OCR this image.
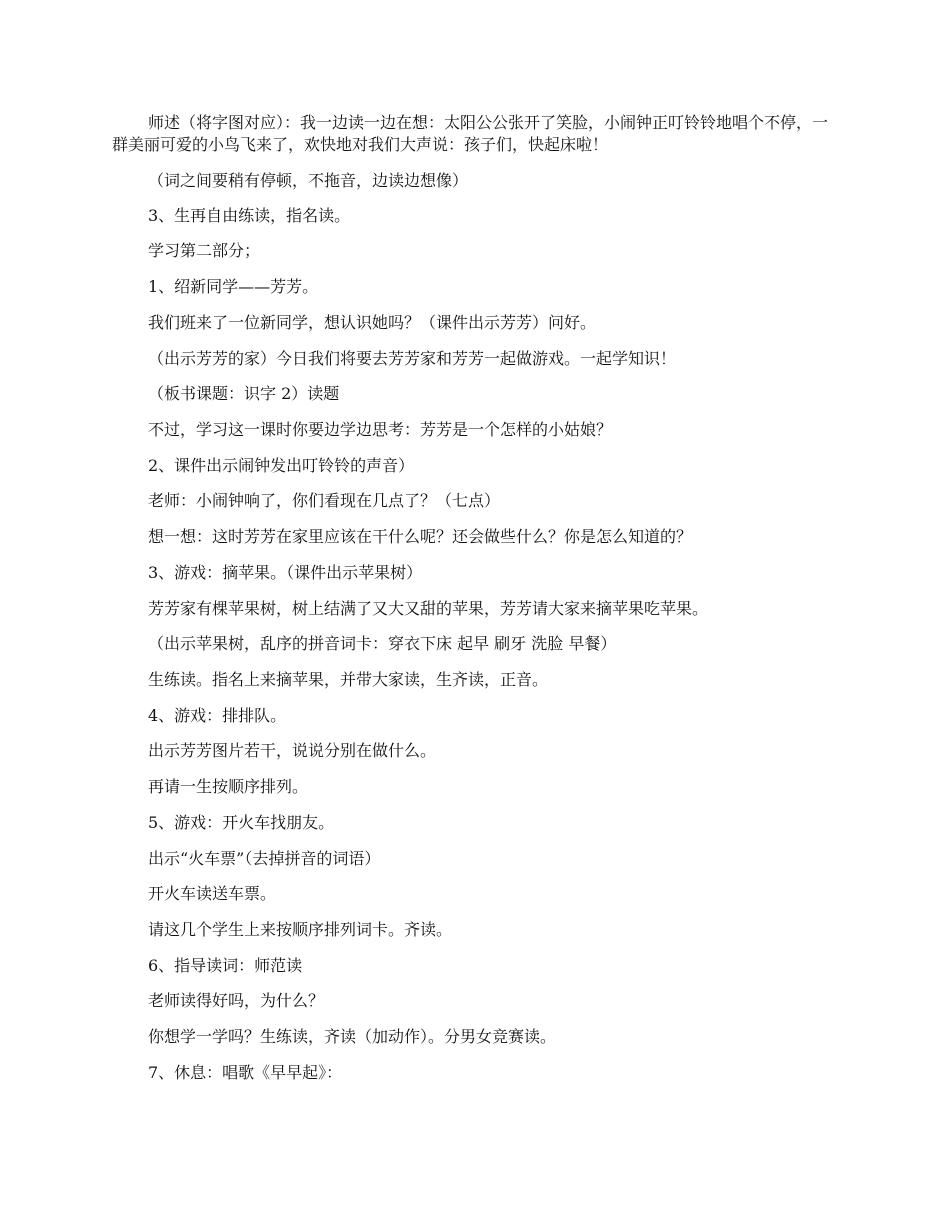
师述（将字图对应）：我一边读一边在想：太阳公公张开了笑脸，小闹钟正叮铃铃地唱个不停，一群美丽可爱的小鸟飞来了，欢快地对我们大声说：孩子们，快起床啦！

（词之间要稍有停顿，不拖音，边读边想像）

3、生再自由练读，指名读。

学习第二部分；

1、绍新同学——芳芳。

我们班来了一位新同学，想认识她吗？（课件出示芳芳）问好。

（出示芳芳的家）今日我们将要去芳芳家和芳芳一起做游戏。一起学知识！

（板书课题：识字 2）读题

不过，学习这一课时你要边学边思考：芳芳是一个怎样的小姑娘？

2、课件出示闹钟发出叮铃铃的声音）

老师：小闹钟响了，你们看现在几点了？（七点）

想一想：这时芳芳在家里应该在干什么呢？还会做些什么？你是怎么知道的？

3、游戏：摘苹果。（课件出示苹果树）

芳芳家有棵苹果树，树上结满了又大又甜的苹果，芳芳请大家来摘苹果吃苹果。

（出示苹果树，乱序的拼音词卡：穿衣下床 起早 刷牙 洗脸 早餐）

生练读。指名上来摘苹果，并带大家读，生齐读，正音。

4、游戏：排排队。

出示芳芳图片若干，说说分别在做什么。

再请一生按顺序排列。

5、游戏：开火车找朋友。

出示“火车票”（去掉拼音的词语）

开火车读送车票。

请这几个学生上来按顺序排列词卡。齐读。

6、指导读词：师范读

老师读得好吗，为什么？

你想学一学吗？生练读，齐读（加动作）。分男女竞赛读。

7、休息：唱歌《早早起》：
